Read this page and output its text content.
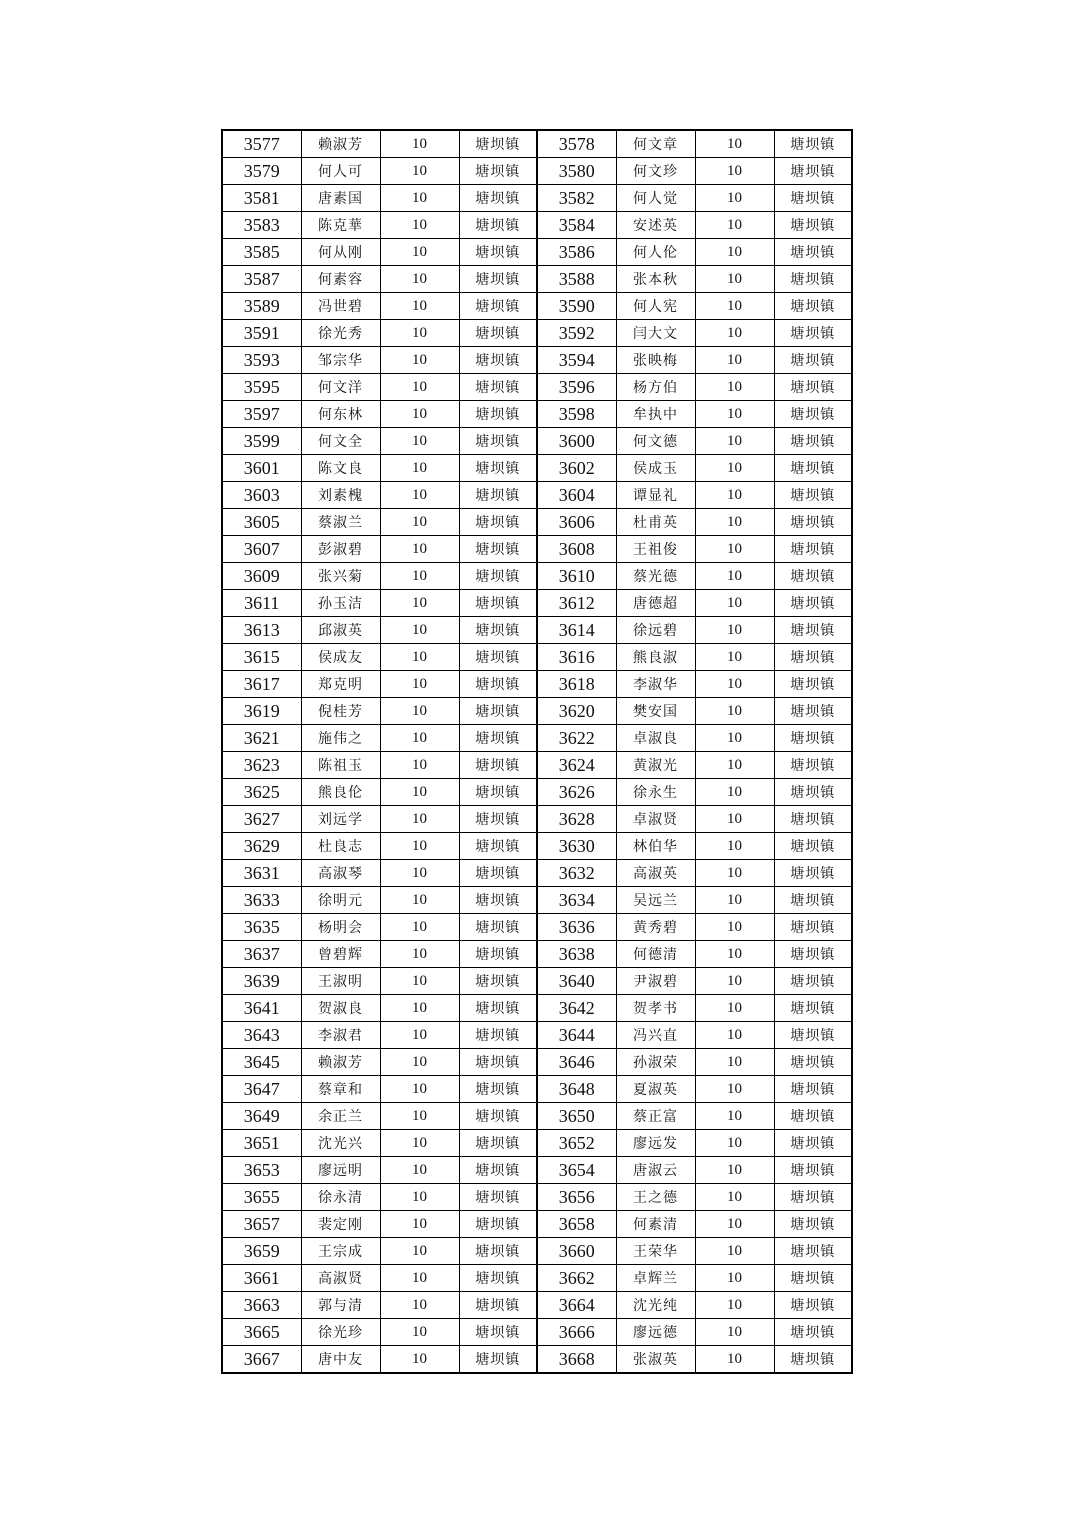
3577	赖淑芳	10	塘坝镇	3578	何文章	10	塘坝镇
3579	何人可	10	塘坝镇	3580	何文珍	10	塘坝镇
3581	唐素国	10	塘坝镇	3582	何人觉	10	塘坝镇
3583	陈克華	10	塘坝镇	3584	安述英	10	塘坝镇
3585	何从刚	10	塘坝镇	3586	何人伦	10	塘坝镇
3587	何素容	10	塘坝镇	3588	张本秋	10	塘坝镇
3589	冯世碧	10	塘坝镇	3590	何人宪	10	塘坝镇
3591	徐光秀	10	塘坝镇	3592	闫大文	10	塘坝镇
3593	邹宗华	10	塘坝镇	3594	张映梅	10	塘坝镇
3595	何文洋	10	塘坝镇	3596	杨方伯	10	塘坝镇
3597	何东林	10	塘坝镇	3598	牟执中	10	塘坝镇
3599	何文全	10	塘坝镇	3600	何文德	10	塘坝镇
3601	陈文良	10	塘坝镇	3602	侯成玉	10	塘坝镇
3603	刘素槐	10	塘坝镇	3604	谭显礼	10	塘坝镇
3605	蔡淑兰	10	塘坝镇	3606	杜甫英	10	塘坝镇
3607	彭淑碧	10	塘坝镇	3608	王祖俊	10	塘坝镇
3609	张兴菊	10	塘坝镇	3610	蔡光德	10	塘坝镇
3611	孙玉洁	10	塘坝镇	3612	唐德超	10	塘坝镇
3613	邱淑英	10	塘坝镇	3614	徐远碧	10	塘坝镇
3615	侯成友	10	塘坝镇	3616	熊良淑	10	塘坝镇
3617	郑克明	10	塘坝镇	3618	李淑华	10	塘坝镇
3619	倪桂芳	10	塘坝镇	3620	樊安国	10	塘坝镇
3621	施伟之	10	塘坝镇	3622	卓淑良	10	塘坝镇
3623	陈祖玉	10	塘坝镇	3624	黄淑光	10	塘坝镇
3625	熊良伦	10	塘坝镇	3626	徐永生	10	塘坝镇
3627	刘远学	10	塘坝镇	3628	卓淑贤	10	塘坝镇
3629	杜良志	10	塘坝镇	3630	林伯华	10	塘坝镇
3631	高淑琴	10	塘坝镇	3632	高淑英	10	塘坝镇
3633	徐明元	10	塘坝镇	3634	吴远兰	10	塘坝镇
3635	杨明会	10	塘坝镇	3636	黄秀碧	10	塘坝镇
3637	曾碧辉	10	塘坝镇	3638	何德清	10	塘坝镇
3639	王淑明	10	塘坝镇	3640	尹淑碧	10	塘坝镇
3641	贺淑良	10	塘坝镇	3642	贺孝书	10	塘坝镇
3643	李淑君	10	塘坝镇	3644	冯兴直	10	塘坝镇
3645	赖淑芳	10	塘坝镇	3646	孙淑荣	10	塘坝镇
3647	蔡章和	10	塘坝镇	3648	夏淑英	10	塘坝镇
3649	余正兰	10	塘坝镇	3650	蔡正富	10	塘坝镇
3651	沈光兴	10	塘坝镇	3652	廖远发	10	塘坝镇
3653	廖远明	10	塘坝镇	3654	唐淑云	10	塘坝镇
3655	徐永清	10	塘坝镇	3656	王之德	10	塘坝镇
3657	裴定刚	10	塘坝镇	3658	何素清	10	塘坝镇
3659	王宗成	10	塘坝镇	3660	王荣华	10	塘坝镇
3661	高淑贤	10	塘坝镇	3662	卓辉兰	10	塘坝镇
3663	郭与清	10	塘坝镇	3664	沈光纯	10	塘坝镇
3665	徐光珍	10	塘坝镇	3666	廖远德	10	塘坝镇
3667	唐中友	10	塘坝镇	3668	张淑英	10	塘坝镇
